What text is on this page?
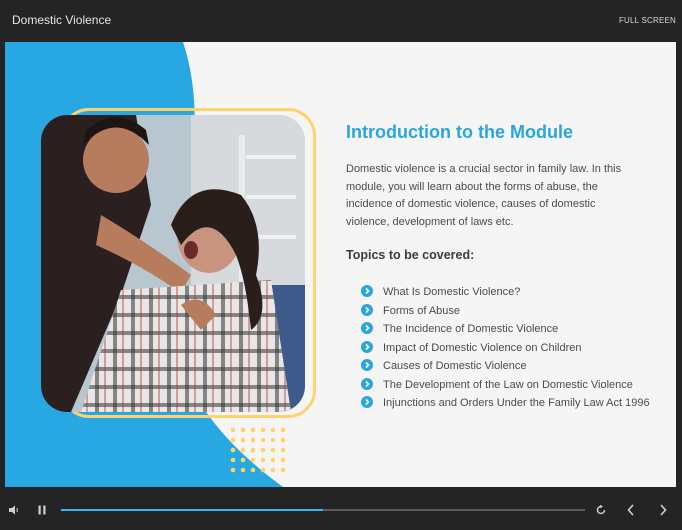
Domestic Violence	FULL SCREEN
Introduction to the Module
Domestic violence is a crucial sector in family law. In this module, you will learn about the forms of abuse, the incidence of domestic violence, causes of domestic violence, development of laws etc.
Topics to be covered:
What Is Domestic Violence?
Forms of Abuse
The Incidence of Domestic Violence
Impact of Domestic Violence on Children
Causes of Domestic Violence
The Development of the Law on Domestic Violence
Injunctions and Orders Under the Family Law Act 1996
